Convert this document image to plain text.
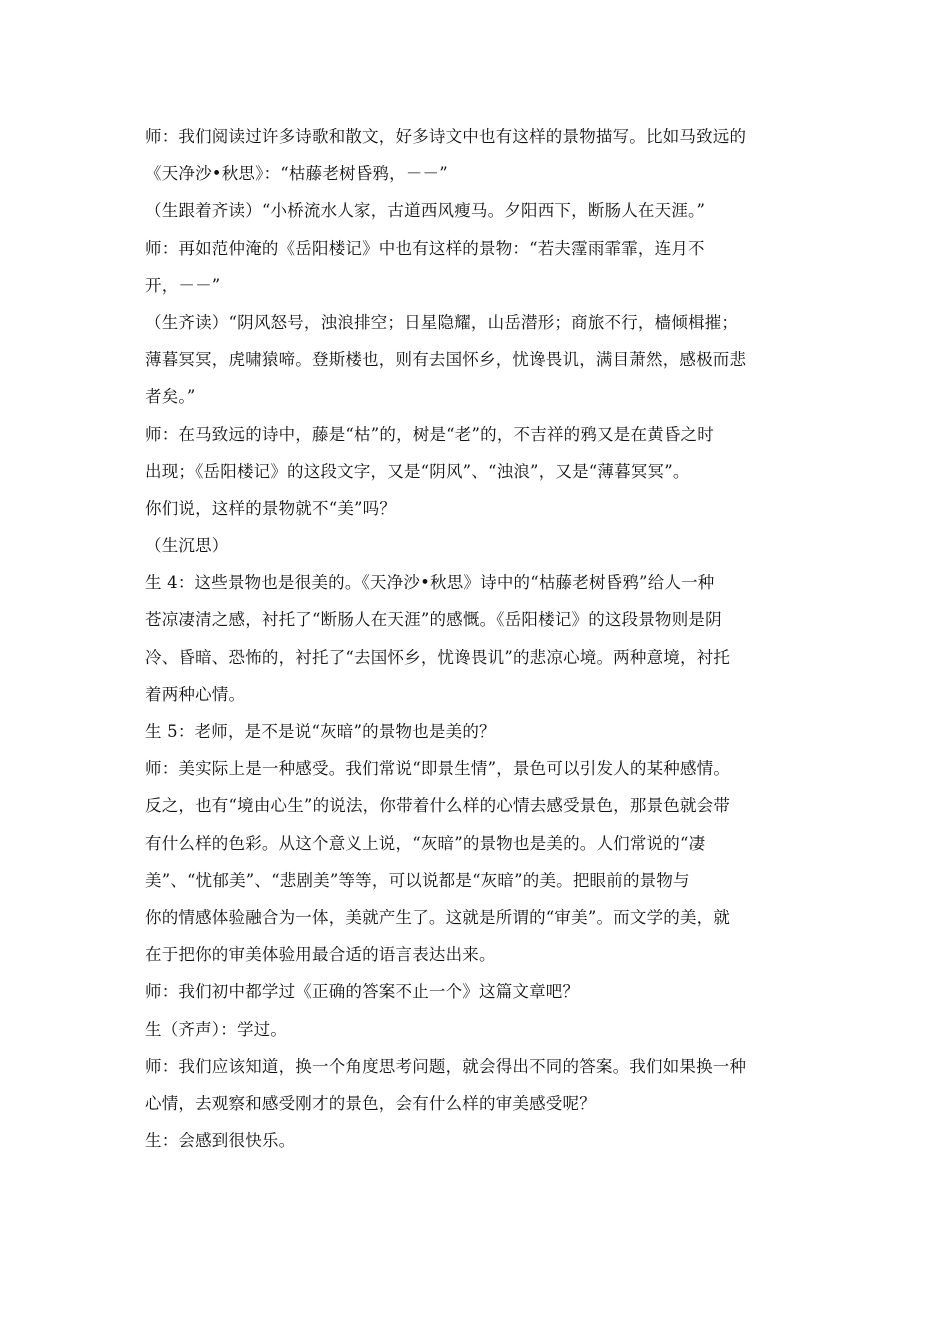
师：我们阅读过许多诗歌和散文，好多诗文中也有这样的景物描写。比如马致远的
《天净沙•秋思》：“枯藤老树昏鸦，－－”
（生跟着齐读）“小桥流水人家，古道西风瘦马。夕阳西下，断肠人在天涯。”
师：再如范仲淹的《岳阳楼记》中也有这样的景物：“若夫霪雨霏霏，连月不
开，－－”
（生齐读）“阴风怒号，浊浪排空；日星隐耀，山岳潜形；商旅不行，樯倾楫摧；
薄暮冥冥，虎啸猿啼。登斯楼也，则有去国怀乡，忧谗畏讥，满目萧然，感极而悲
者矣。”
师：在马致远的诗中，藤是“枯”的，树是“老”的，不吉祥的鸦又是在黄昏之时
出现；《岳阳楼记》的这段文字，又是“阴风”、“浊浪”，又是“薄暮冥冥”。
你们说，这样的景物就不“美”吗？
（生沉思）
生 4：这些景物也是很美的。《天净沙•秋思》诗中的“枯藤老树昏鸦”给人一种
苍凉凄清之感，衬托了“断肠人在天涯”的感慨。《岳阳楼记》的这段景物则是阴
冷、昏暗、恐怖的，衬托了“去国怀乡，忧谗畏讥”的悲凉心境。两种意境，衬托
着两种心情。
生 5：老师，是不是说“灰暗”的景物也是美的？
师：美实际上是一种感受。我们常说“即景生情”，景色可以引发人的某种感情。
反之，也有“境由心生”的说法，你带着什么样的心情去感受景色，那景色就会带
有什么样的色彩。从这个意义上说，“灰暗”的景物也是美的。人们常说的“凄
美”、“忧郁美”、“悲剧美”等等，可以说都是“灰暗”的美。把眼前的景物与
你的情感体验融合为一体，美就产生了。这就是所谓的“审美”。而文学的美，就
在于把你的审美体验用最合适的语言表达出来。
师：我们初中都学过《正确的答案不止一个》这篇文章吧？
生（齐声）：学过。
师：我们应该知道，换一个角度思考问题，就会得出不同的答案。我们如果换一种
心情，去观察和感受刚才的景色，会有什么样的审美感受呢？
生：会感到很快乐。
